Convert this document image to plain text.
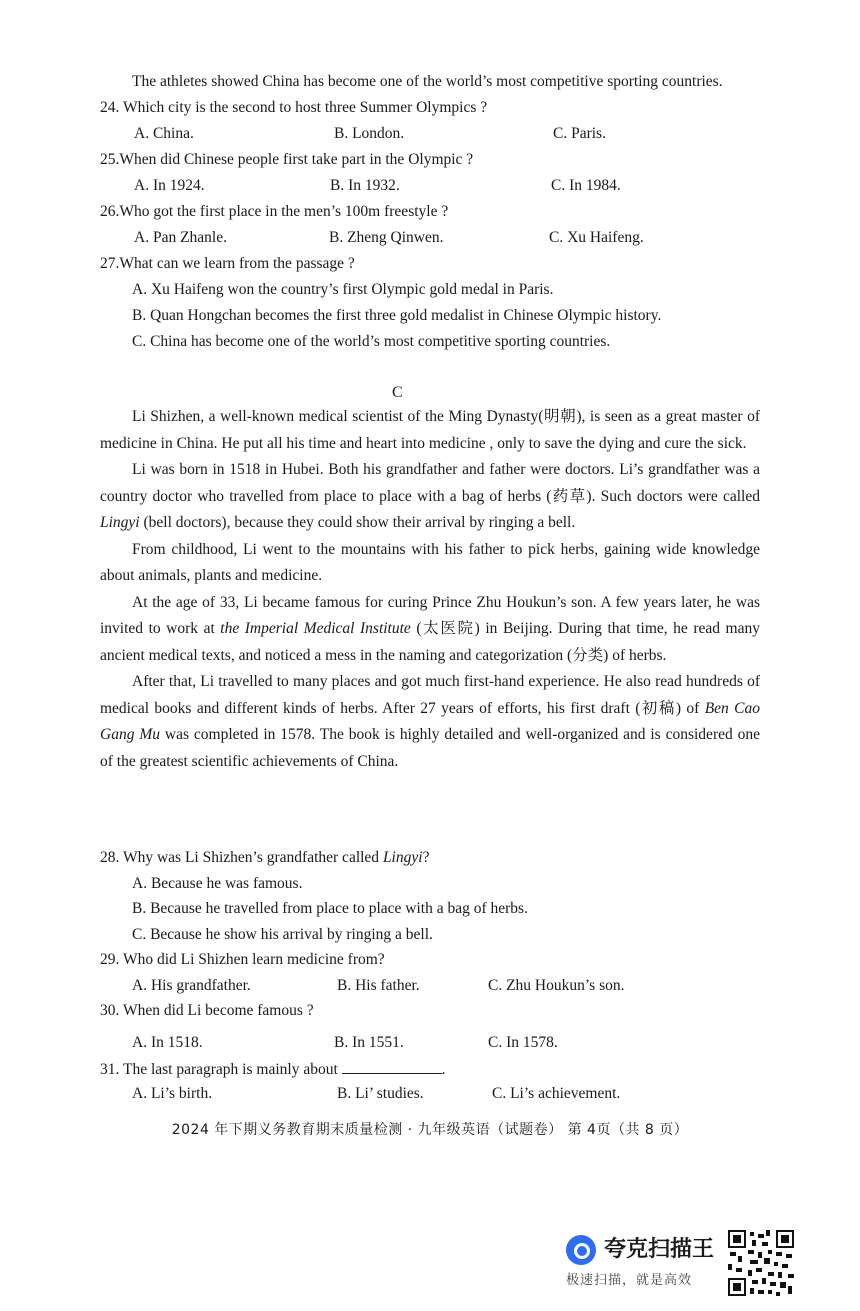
The athletes showed China has become one of the world’s most competitive sporting countries.
24. Which city is the second to host three Summer Olympics ?
A. China.	B. London.	C. Paris.
25.When did Chinese people first take part in the Olympic ?
A. In 1924.	B. In 1932.	C. In 1984.
26.Who got the first place in the men’s 100m freestyle ?
A. Pan Zhanle.	B. Zheng Qinwen.	C. Xu Haifeng.
27.What can we learn from the passage ?
A. Xu Haifeng won the country’s first Olympic gold medal in Paris.
B. Quan Hongchan becomes the first three gold medalist in Chinese Olympic history.
C. China has become one of the world’s most competitive sporting countries.
C

Li Shizhen, a well-known medical scientist of the Ming Dynasty(明朝), is seen as a great master of medicine in China. He put all his time and heart into medicine , only to save the dying and cure the sick.

Li was born in 1518 in Hubei. Both his grandfather and father were doctors. Li’s grandfather was a country doctor who travelled from place to place with a bag of herbs (药草). Such doctors were called Lingyi (bell doctors), because they could show their arrival by ringing a bell.

From childhood, Li went to the mountains with his father to pick herbs, gaining wide knowledge about animals, plants and medicine.

At the age of 33, Li became famous for curing Prince Zhu Houkun’s son. A few years later, he was invited to work at the Imperial Medical Institute (太医院) in Beijing. During that time, he read many ancient medical texts, and noticed a mess in the naming and categorization (分类) of herbs.

After that, Li travelled to many places and got much first-hand experience. He also read hundreds of medical books and different kinds of herbs. After 27 years of efforts, his first draft (初稿) of Ben Cao Gang Mu was completed in 1578. The book is highly detailed and well-organized and is considered one of the greatest scientific achievements of China.

28. Why was Li Shizhen’s grandfather called Lingyi?
A. Because he was famous.
B. Because he travelled from place to place with a bag of herbs.
C. Because he show his arrival by ringing a bell.
29. Who did Li Shizhen learn medicine from?
A. His grandfather.	B. His father.	C. Zhu Houkun’s son.
30. When did Li become famous ?
A. In 1518.	B. In 1551.	C. In 1578.
31. The last paragraph is mainly about	.
A. Li’s birth.	B. Li’ studies.	C. Li’s achievement.
2024 年下期义务教育期末质量检测 · 九年级英语（试题卷） 第 4页（共 8 页）
夸克扫描王
极速扫描，就是高效
